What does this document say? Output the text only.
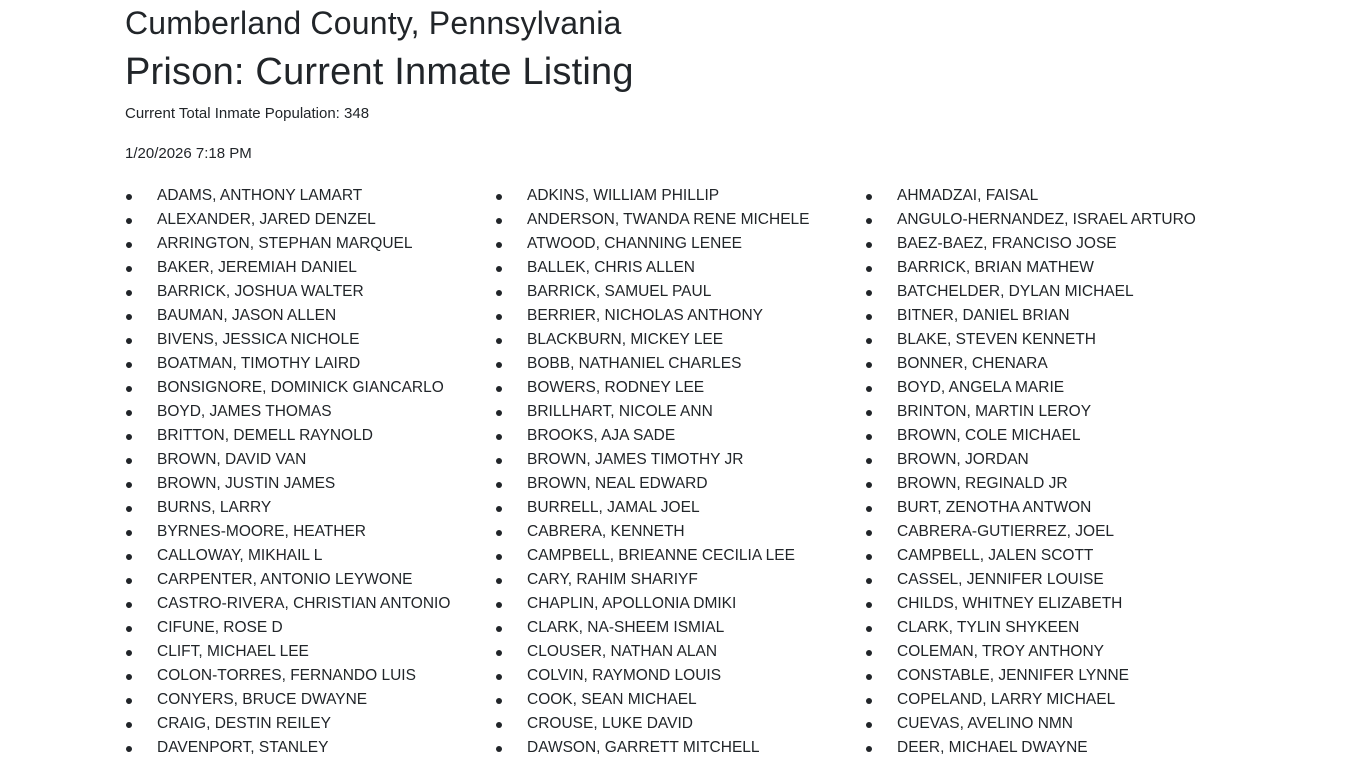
Cumberland County, Pennsylvania
Prison: Current Inmate Listing

Current Total Inmate Population: 348

1/20/2026 7:18 PM

ADAMS, ANTHONY LAMART
ALEXANDER, JARED DENZEL
ARRINGTON, STEPHAN MARQUEL
BAKER, JEREMIAH DANIEL
BARRICK, JOSHUA WALTER
BAUMAN, JASON ALLEN
BIVENS, JESSICA NICHOLE
BOATMAN, TIMOTHY LAIRD
BONSIGNORE, DOMINICK GIANCARLO
BOYD, JAMES THOMAS
BRITTON, DEMELL RAYNOLD
BROWN, DAVID VAN
BROWN, JUSTIN JAMES
BURNS, LARRY
BYRNES-MOORE, HEATHER
CALLOWAY, MIKHAIL L
CARPENTER, ANTONIO LEYWONE
CASTRO-RIVERA, CHRISTIAN ANTONIO
CIFUNE, ROSE D
CLIFT, MICHAEL LEE
COLON-TORRES, FERNANDO LUIS
CONYERS, BRUCE DWAYNE
CRAIG, DESTIN REILEY
DAVENPORT, STANLEY
ADKINS, WILLIAM PHILLIP
ANDERSON, TWANDA RENE MICHELE
ATWOOD, CHANNING LENEE
BALLEK, CHRIS ALLEN
BARRICK, SAMUEL PAUL
BERRIER, NICHOLAS ANTHONY
BLACKBURN, MICKEY LEE
BOBB, NATHANIEL CHARLES
BOWERS, RODNEY LEE
BRILLHART, NICOLE ANN
BROOKS, AJA SADE
BROWN, JAMES TIMOTHY JR
BROWN, NEAL EDWARD
BURRELL, JAMAL JOEL
CABRERA, KENNETH
CAMPBELL, BRIEANNE CECILIA LEE
CARY, RAHIM SHARIYF
CHAPLIN, APOLLONIA DMIKI
CLARK, NA-SHEEM ISMIAL
CLOUSER, NATHAN ALAN
COLVIN, RAYMOND LOUIS
COOK, SEAN MICHAEL
CROUSE, LUKE DAVID
DAWSON, GARRETT MITCHELL
AHMADZAI, FAISAL
ANGULO-HERNANDEZ, ISRAEL ARTURO
BAEZ-BAEZ, FRANCISO JOSE
BARRICK, BRIAN MATHEW
BATCHELDER, DYLAN MICHAEL
BITNER, DANIEL BRIAN
BLAKE, STEVEN KENNETH
BONNER, CHENARA
BOYD, ANGELA MARIE
BRINTON, MARTIN LEROY
BROWN, COLE MICHAEL
BROWN, JORDAN
BROWN, REGINALD JR
BURT, ZENOTHA ANTWON
CABRERA-GUTIERREZ, JOEL
CAMPBELL, JALEN SCOTT
CASSEL, JENNIFER LOUISE
CHILDS, WHITNEY ELIZABETH
CLARK, TYLIN SHYKEEN
COLEMAN, TROY ANTHONY
CONSTABLE, JENNIFER LYNNE
COPELAND, LARRY MICHAEL
CUEVAS, AVELINO NMN
DEER, MICHAEL DWAYNE
